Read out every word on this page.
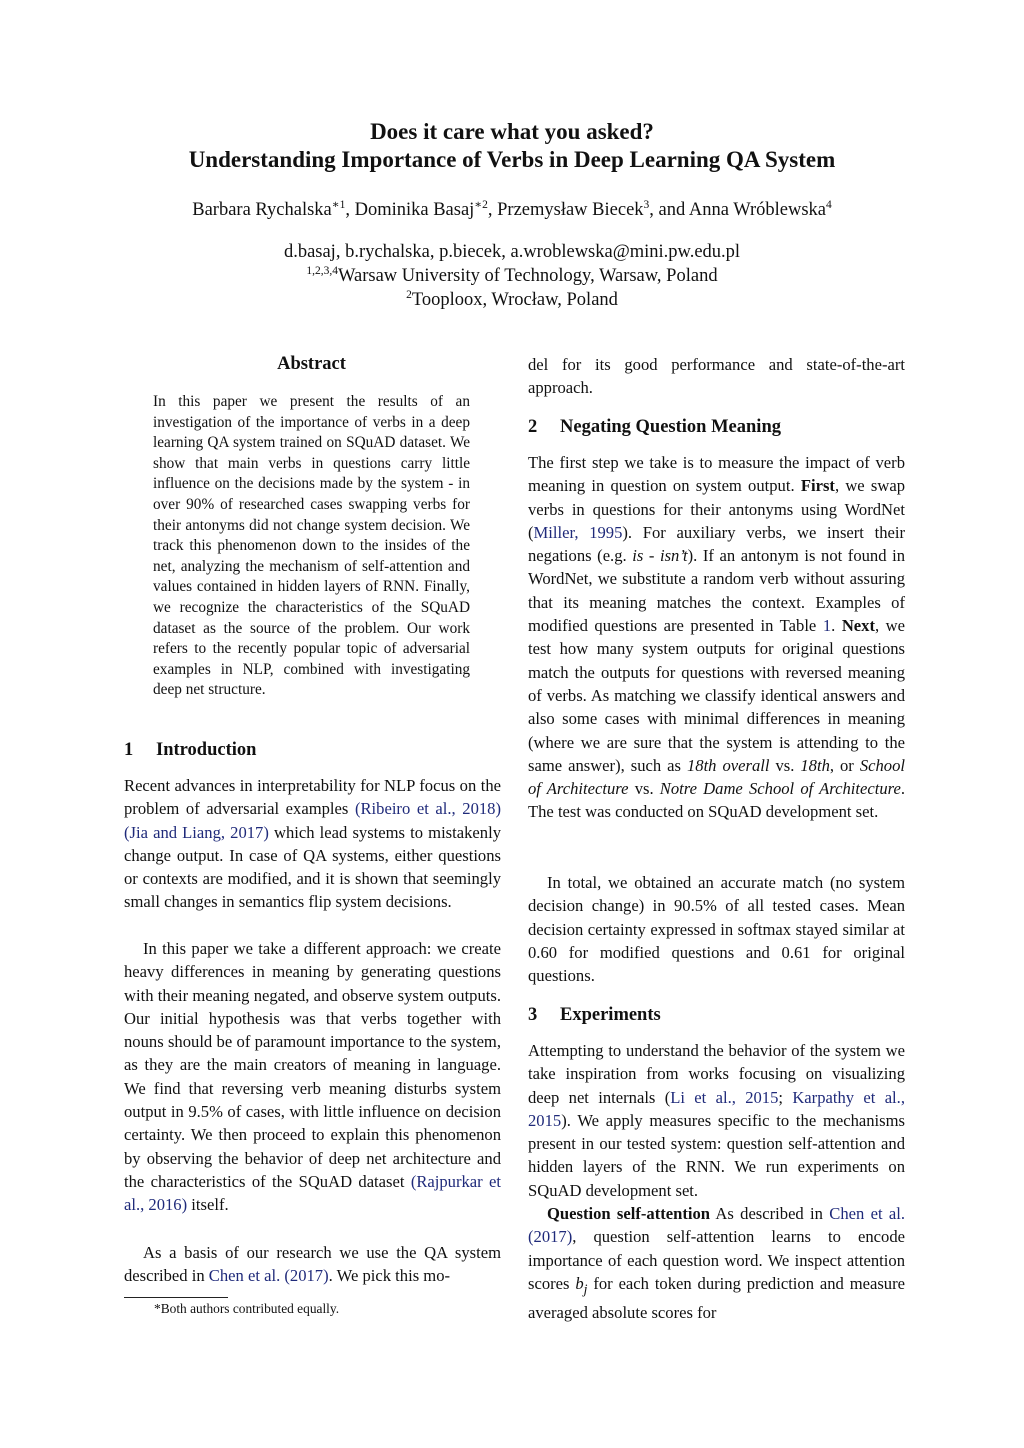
Does it care what you asked?
Understanding Importance of Verbs in Deep Learning QA System
Barbara Rychalska$^{∗1}$, Dominika Basaj$^{∗2}$, Przemysław Biecek$^3$, and Anna Wróblewska$^4$
d.basaj, b.rychalska, p.biecek, a.wroblewska@mini.pw.edu.pl
$^{1,2,3,4}$Warsaw University of Technology, Warsaw, Poland
$^2$Tooploox, Wrocław, Poland
Abstract

In this paper we present the results of an investigation of the importance of verbs in a deep learning QA system trained on SQuAD dataset. We show that main verbs in questions carry little influence on the decisions made by the system - in over 90% of researched cases swapping verbs for their antonyms did not change system decision. We track this phenomenon down to the insides of the net, analyzing the mechanism of self-attention and values contained in hidden layers of RNN. Finally, we recognize the characteristics of the SQuAD dataset as the source of the problem. Our work refers to the recently popular topic of adversarial examples in NLP, combined with investigating deep net structure.

1 Introduction

Recent advances in interpretability for NLP focus on the problem of adversarial examples (Ribeiro et al., 2018) (Jia and Liang, 2017) which lead systems to mistakenly change output. In case of QA systems, either questions or contexts are modified, and it is shown that seemingly small changes in semantics flip system decisions.

In this paper we take a different approach: we create heavy differences in meaning by generating questions with their meaning negated, and observe system outputs. Our initial hypothesis was that verbs together with nouns should be of paramount importance to the system, as they are the main creators of meaning in language. We find that reversing verb meaning disturbs system output in 9.5% of cases, with little influence on decision certainty. We then proceed to explain this phenomenon by observing the behavior of deep net architecture and the characteristics of the SQuAD dataset (Rajpurkar et al., 2016) itself.

As a basis of our research we use the QA system described in Chen et al. (2017). We pick this mo-

*Both authors contributed equally.

del for its good performance and state-of-the-art approach.

2 Negating Question Meaning

The first step we take is to measure the impact of verb meaning in question on system output. First, we swap verbs in questions for their antonyms using WordNet (Miller, 1995). For auxiliary verbs, we insert their negations (e.g. is - isn’t). If an antonym is not found in WordNet, we substitute a random verb without assuring that its meaning matches the context. Examples of modified questions are presented in Table 1. Next, we test how many system outputs for original questions match the outputs for questions with reversed meaning of verbs. As matching we classify identical answers and also some cases with minimal differences in meaning (where we are sure that the system is attending to the same answer), such as 18th overall vs. 18th, or School of Architecture vs. Notre Dame School of Architecture. The test was conducted on SQuAD development set.

In total, we obtained an accurate match (no system decision change) in 90.5% of all tested cases. Mean decision certainty expressed in softmax stayed similar at 0.60 for modified questions and 0.61 for original questions.

3 Experiments

Attempting to understand the behavior of the system we take inspiration from works focusing on visualizing deep net internals (Li et al., 2015; Karpathy et al., 2015). We apply measures specific to the mechanisms present in our tested system: question self-attention and hidden layers of the RNN. We run experiments on SQuAD development set.

Question self-attention As described in Chen et al. (2017), question self-attention learns to encode importance of each question word. We inspect attention scores $b_j$ for each token during prediction and measure averaged absolute scores for
